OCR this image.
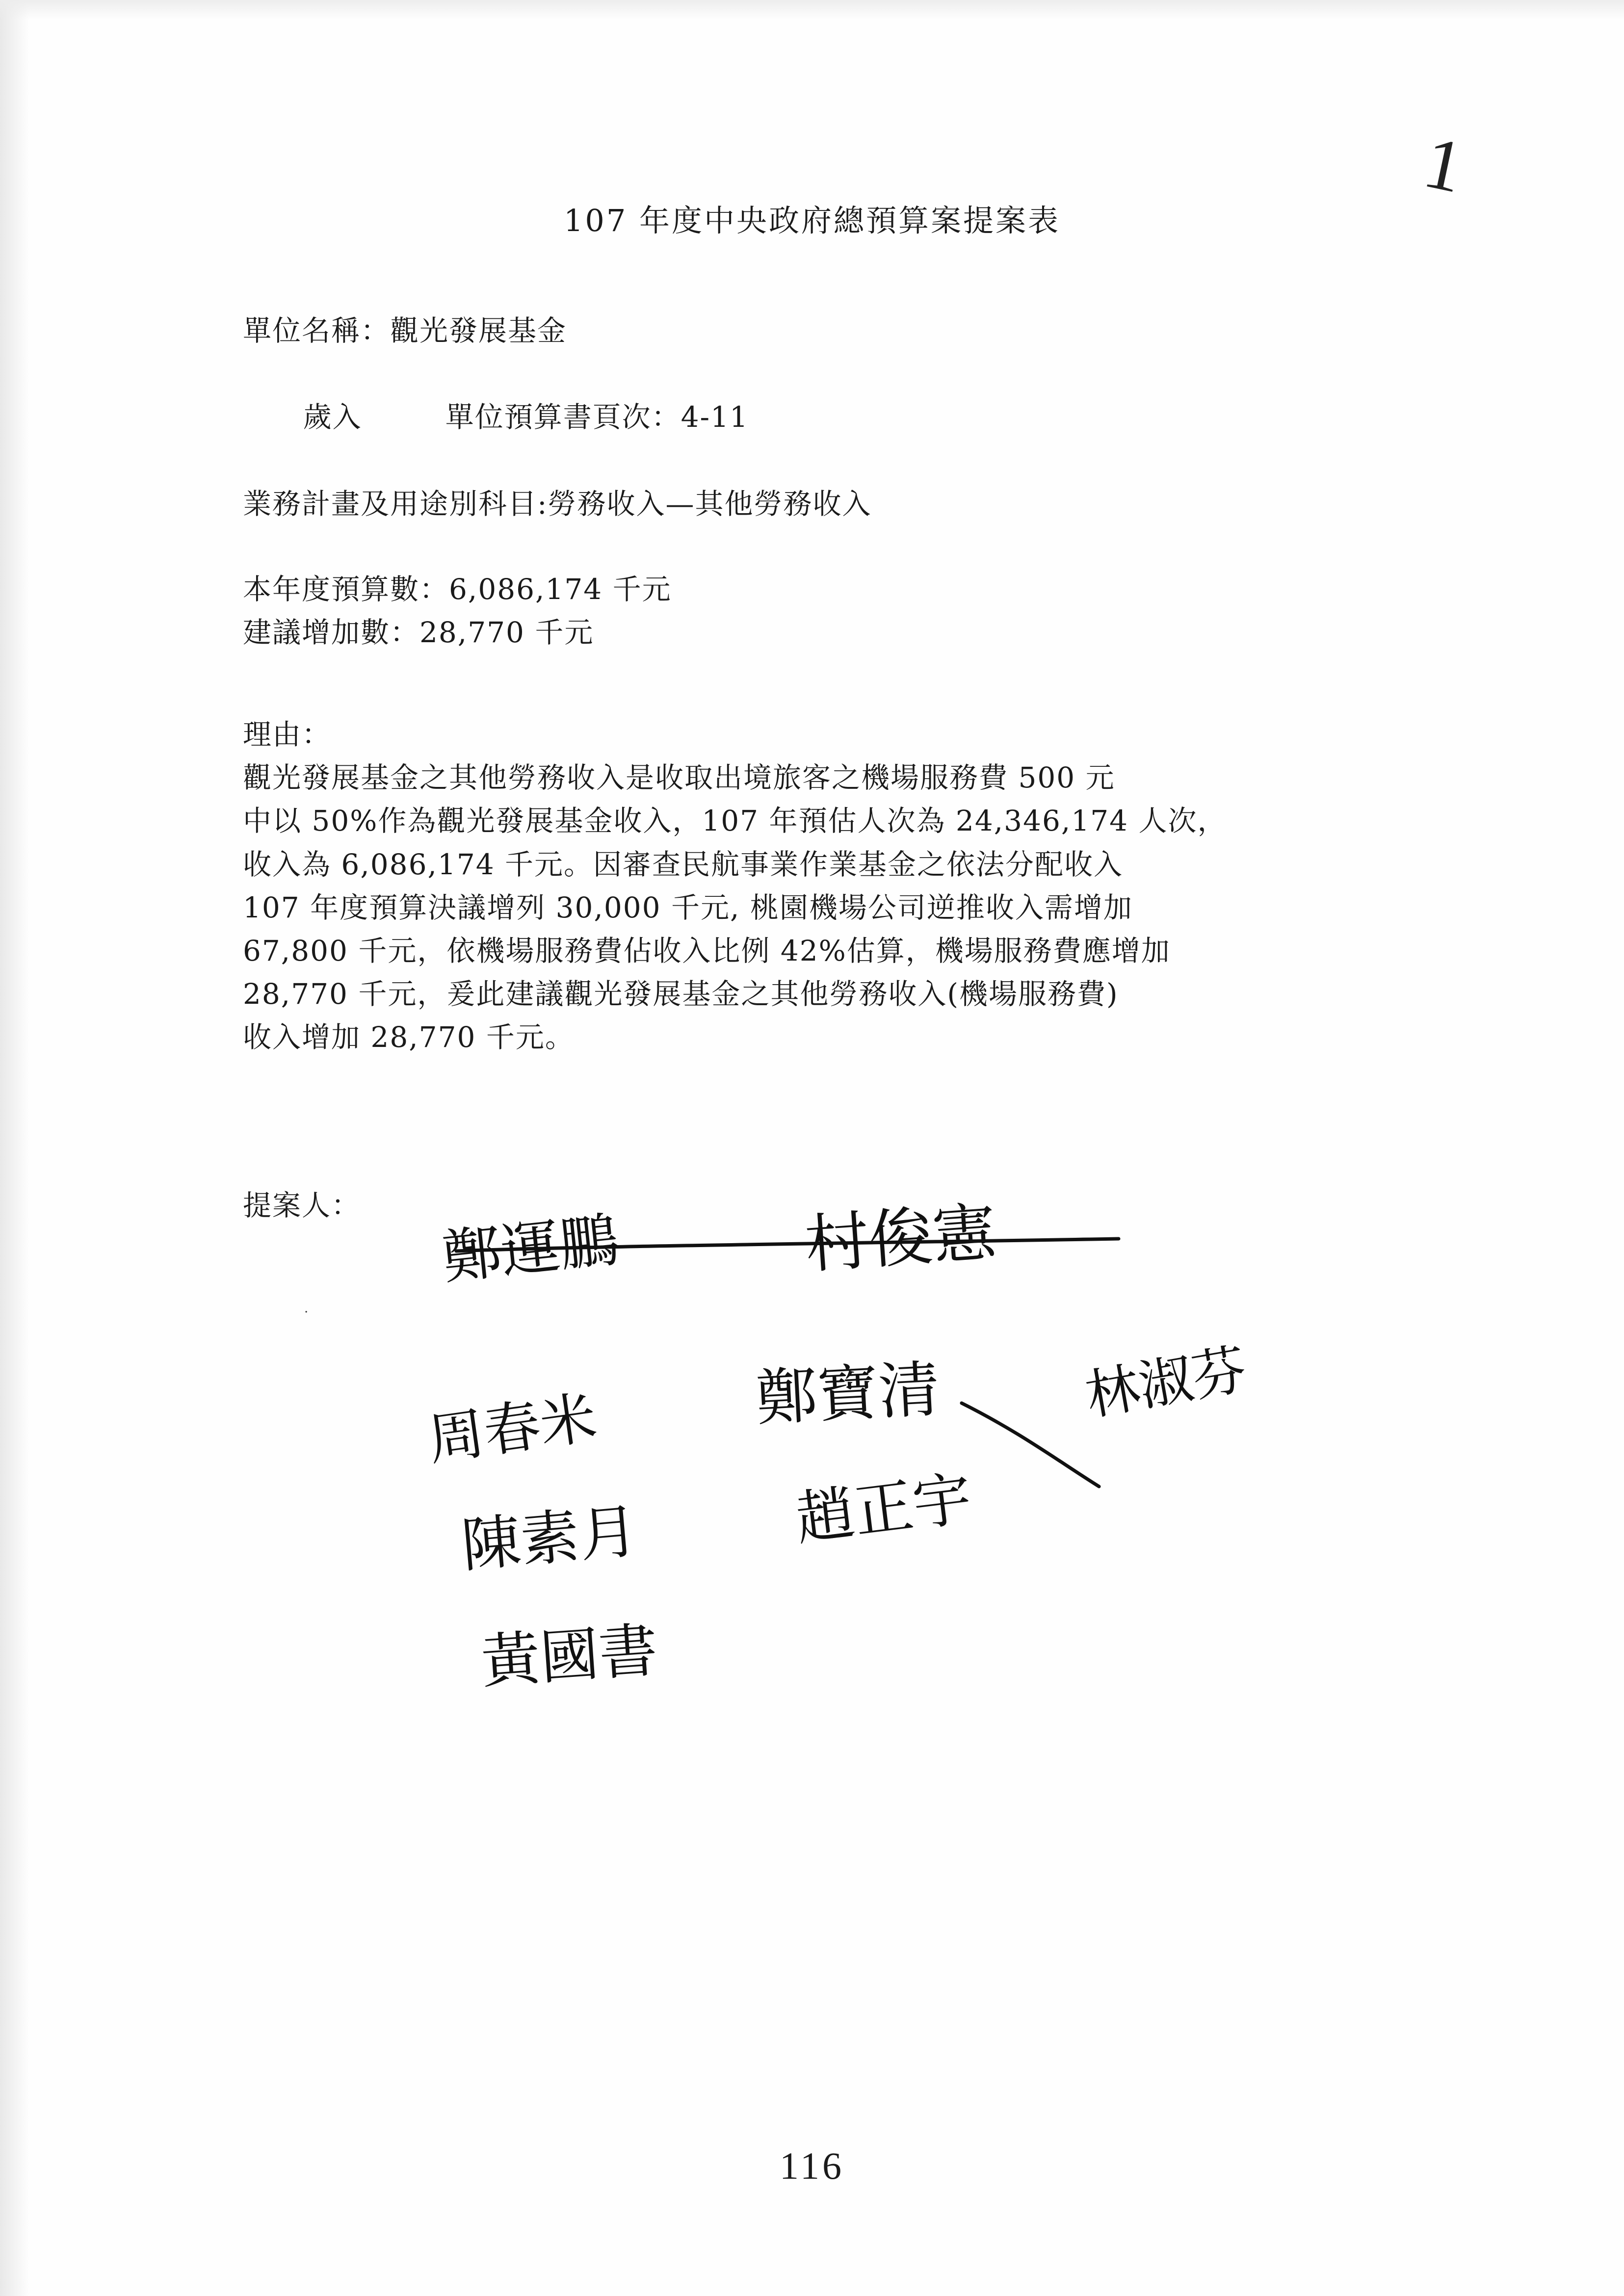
1
107 年度中央政府總預算案提案表
單位名稱：觀光發展基金

歲入	單位預算書頁次：4-11

業務計畫及用途別科目:勞務收入—其他勞務收入
本年度預算數：6,086,174 千元
建議增加數：28,770 千元
理由：
觀光發展基金之其他勞務收入是收取出境旅客之機場服務費 500 元
中以 50%作為觀光發展基金收入，107 年預估人次為 24,346,174 人次，
收入為 6,086,174 千元。因審查民航事業作業基金之依法分配收入
107 年度預算決議增列 30,000 千元, 桃園機場公司逆推收入需增加
67,800 千元，依機場服務費佔收入比例 42%估算，機場服務費應增加
28,770 千元，爰此建議觀光發展基金之其他勞務收入(機場服務費)
收入增加 28,770 千元。
提案人：
·
鄭運鵬	村俊憲
周春米	鄭寶清	林淑芬
陳素月	趙正宇
黃國書
116
